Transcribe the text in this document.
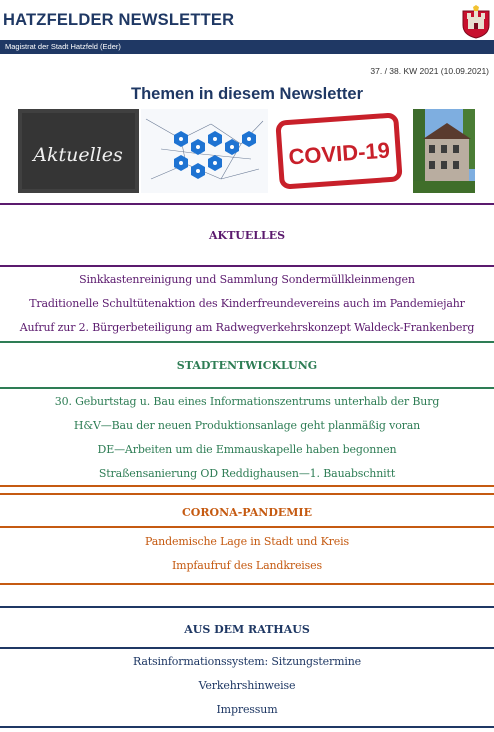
HATZFELDER NEWSLETTER
Magistrat der Stadt Hatzfeld (Eder)
37. / 38. KW 2021 (10.09.2021)
Themen in diesem Newsletter
Aktuelles	COVID-19
AKTUELLES
Sinkkastenreinigung und Sammlung Sondermüllkleinmengen
Traditionelle Schultütenaktion des Kinderfreundevereins auch im Pandemiejahr
Aufruf zur 2. Bürgerbeteiligung am Radwegverkehrskonzept Waldeck-Frankenberg
STADTENTWICKLUNG
30. Geburtstag u. Bau eines Informationszentrums unterhalb der Burg
H&V—Bau der neuen Produktionsanlage geht planmäßig voran
DE—Arbeiten um die Emmauskapelle haben begonnen
Straßensanierung OD Reddighausen—1. Bauabschnitt
CORONA-PANDEMIE
Pandemische Lage in Stadt und Kreis
Impfaufruf des Landkreises
AUS DEM RATHAUS
Ratsinformationssystem: Sitzungstermine
Verkehrshinweise
Impressum
